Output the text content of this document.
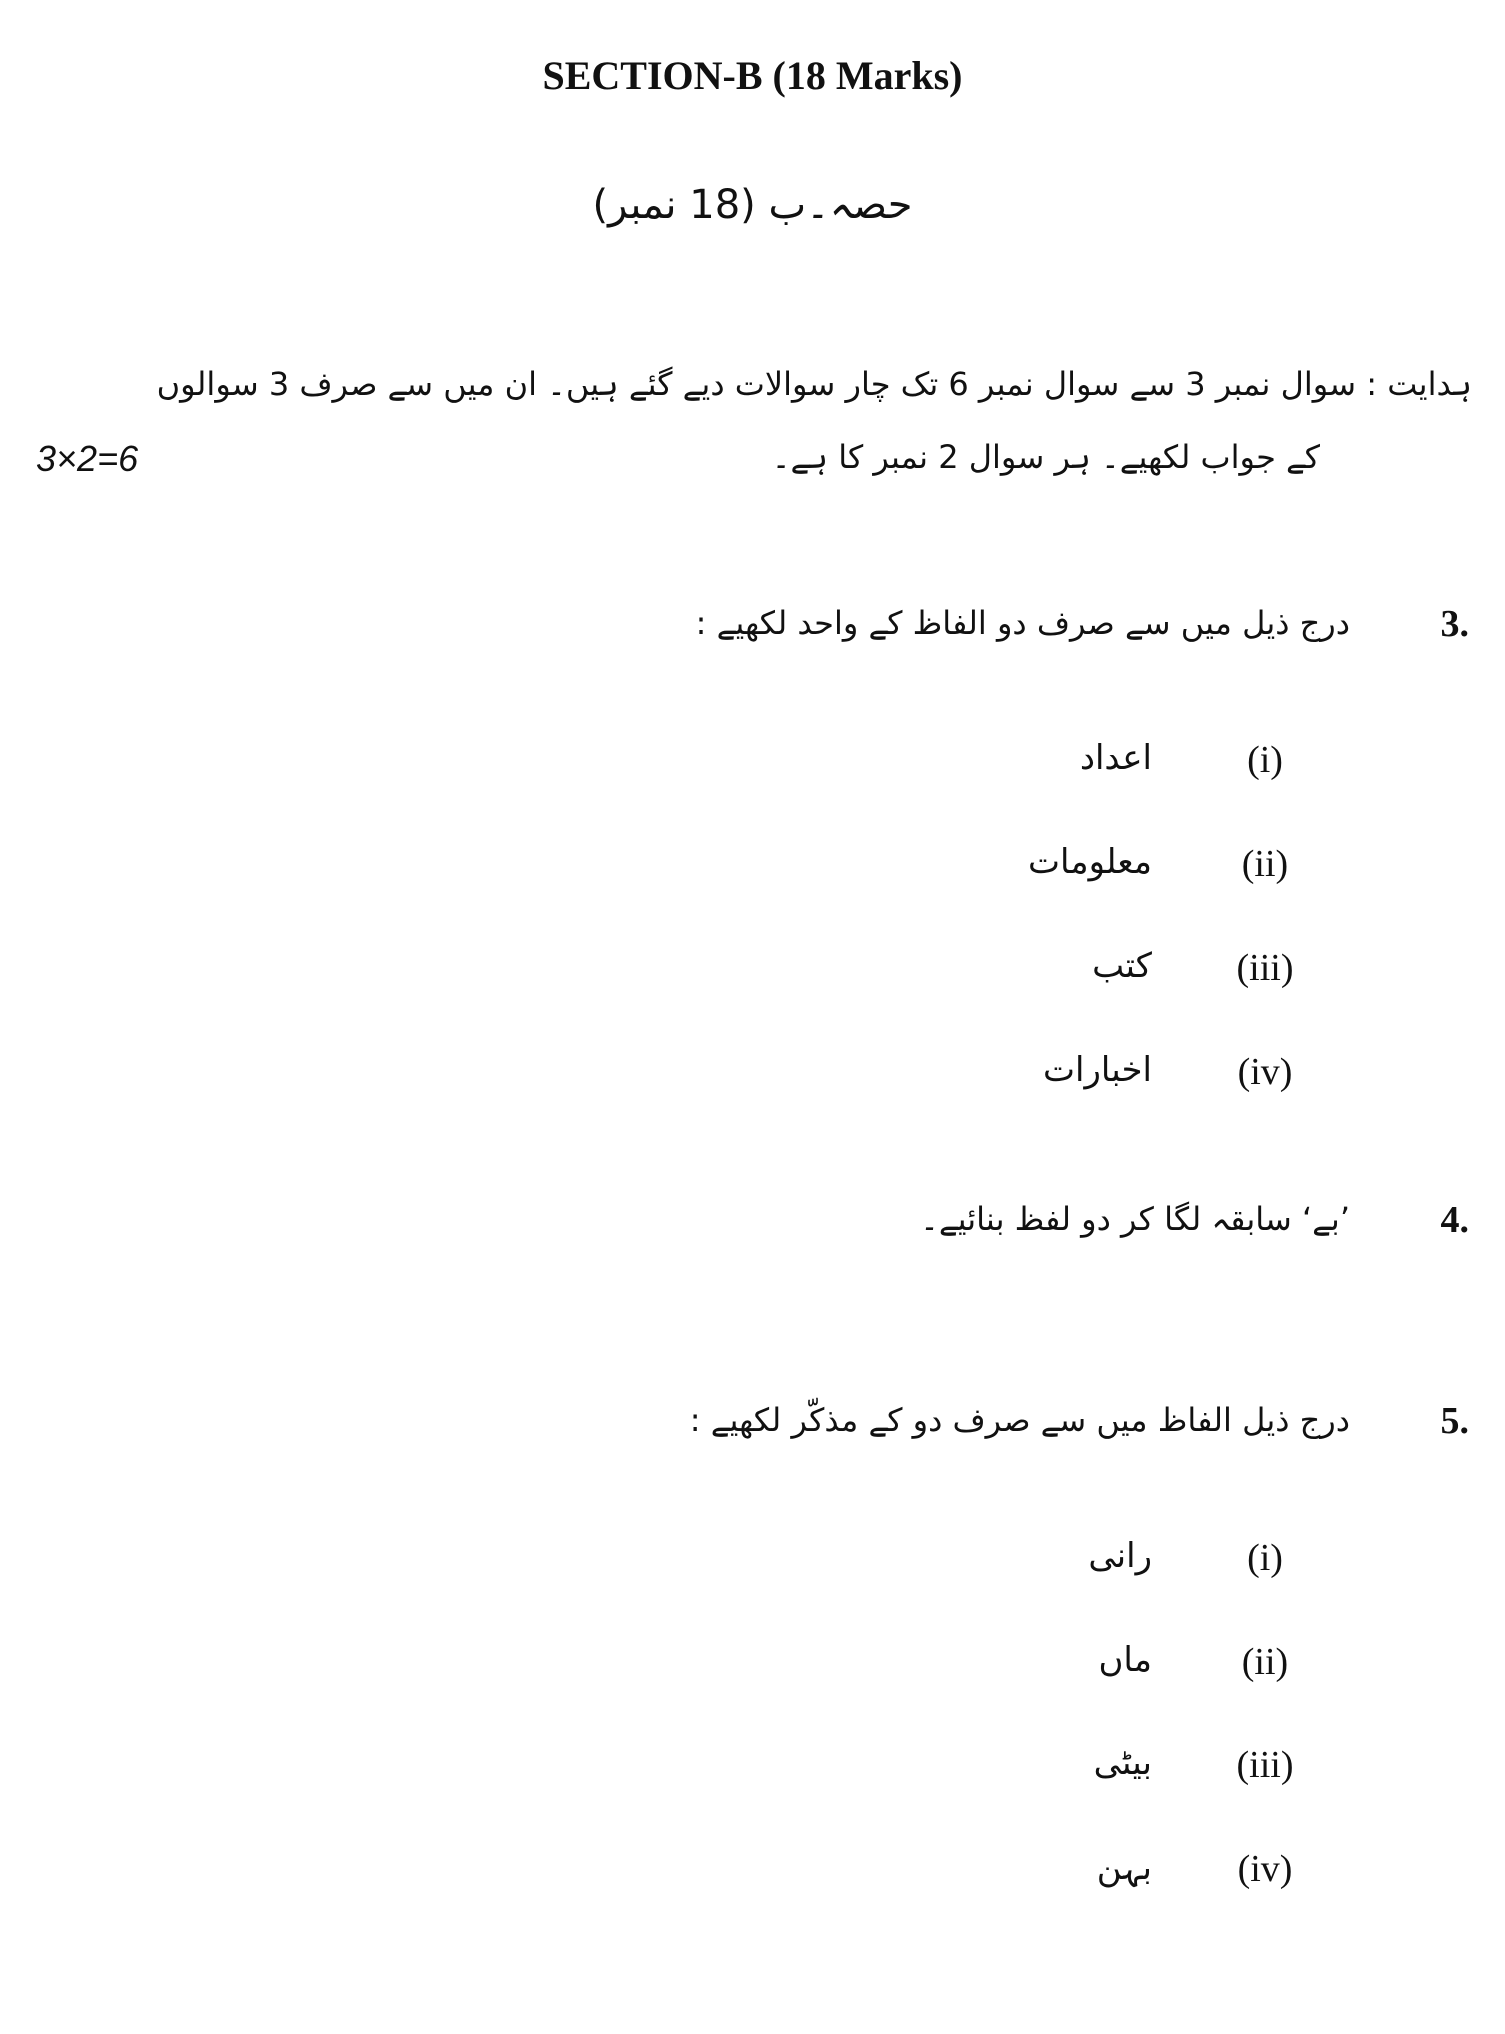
SECTION-B (18 Marks)
حصہ۔ب (18 نمبر)
ہدایت : سوال نمبر 3 سے سوال نمبر 6 تک چار سوالات دیے گئے ہیں۔ ان میں سے صرف 3 سوالوں
کے جواب لکھیے۔ ہر سوال 2 نمبر کا ہے۔
3×2=6
3.
درج ذیل میں سے صرف دو الفاظ کے واحد لکھیے :
(i)
اعداد
(ii)
معلومات
(iii)
کتب
(iv)
اخبارات
4.
’بے‘ سابقہ لگا کر دو لفظ بنائیے۔
5.
درج ذیل الفاظ میں سے صرف دو کے مذکّر لکھیے :
(i)
رانی
(ii)
ماں
(iii)
بیٹی
(iv)
بہن
